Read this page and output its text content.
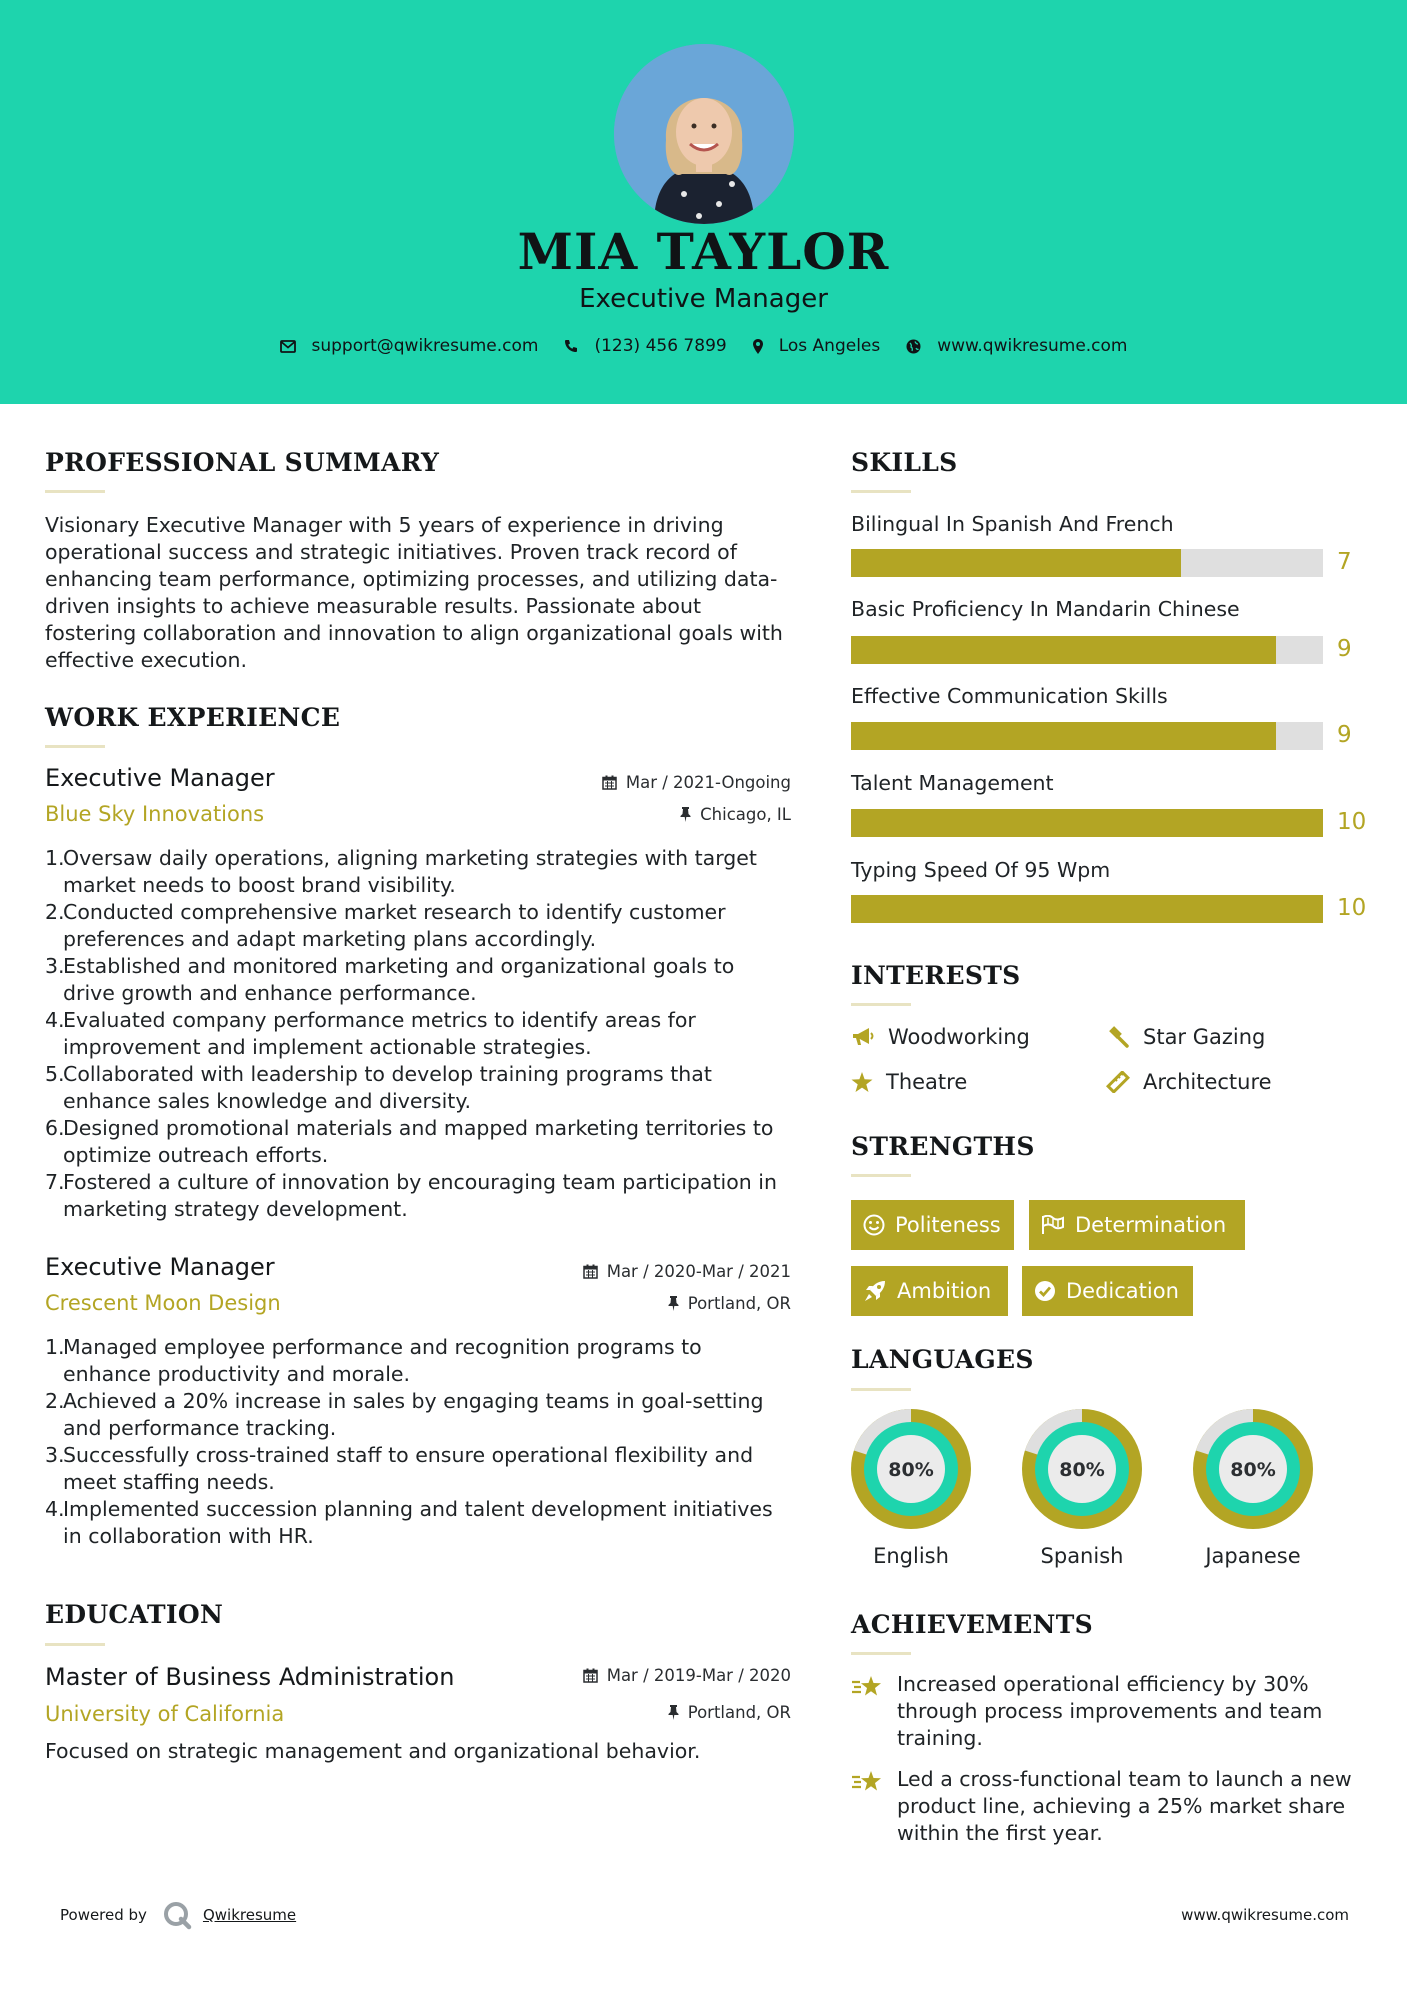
MIA TAYLOR
Executive Manager
support@qwikresume.com	(123) 456 7899	Los Angeles	www.qwikresume.com
PROFESSIONAL SUMMARY
Visionary Executive Manager with 5 years of experience in driving operational success and strategic initiatives. Proven track record of enhancing team performance, optimizing processes, and utilizing data-driven insights to achieve measurable results. Passionate about fostering collaboration and innovation to align organizational goals with effective execution.
WORK EXPERIENCE
Executive Manager
Blue Sky Innovations
Mar / 2021-Ongoing
Chicago, IL
Oversaw daily operations, aligning marketing strategies with target market needs to boost brand visibility.
Conducted comprehensive market research to identify customer preferences and adapt marketing plans accordingly.
Established and monitored marketing and organizational goals to drive growth and enhance performance.
Evaluated company performance metrics to identify areas for improvement and implement actionable strategies.
Collaborated with leadership to develop training programs that enhance sales knowledge and diversity.
Designed promotional materials and mapped marketing territories to optimize outreach efforts.
Fostered a culture of innovation by encouraging team participation in marketing strategy development.
Executive Manager
Crescent Moon Design
Mar / 2020-Mar / 2021
Portland, OR
Managed employee performance and recognition programs to enhance productivity and morale.
Achieved a 20% increase in sales by engaging teams in goal-setting and performance tracking.
Successfully cross-trained staff to ensure operational flexibility and meet staffing needs.
Implemented succession planning and talent development initiatives in collaboration with HR.
EDUCATION
Master of Business Administration
University of California
Mar / 2019-Mar / 2020
Portland, OR
Focused on strategic management and organizational behavior.
SKILLS
Bilingual In Spanish And French
7
Basic Proficiency In Mandarin Chinese
9
Effective Communication Skills
9
Talent Management
10
Typing Speed Of 95 Wpm
10
INTERESTS
Woodworking	Star Gazing
Theatre	Architecture
STRENGTHS
Politeness	Determination
Ambition	Dedication
LANGUAGES
80%
English
80%
Spanish
80%
Japanese
ACHIEVEMENTS
Increased operational efficiency by 30% through process improvements and team training.
Led a cross-functional team to launch a new product line, achieving a 25% market share within the first year.
Powered by	Qwikresume	www.qwikresume.com
